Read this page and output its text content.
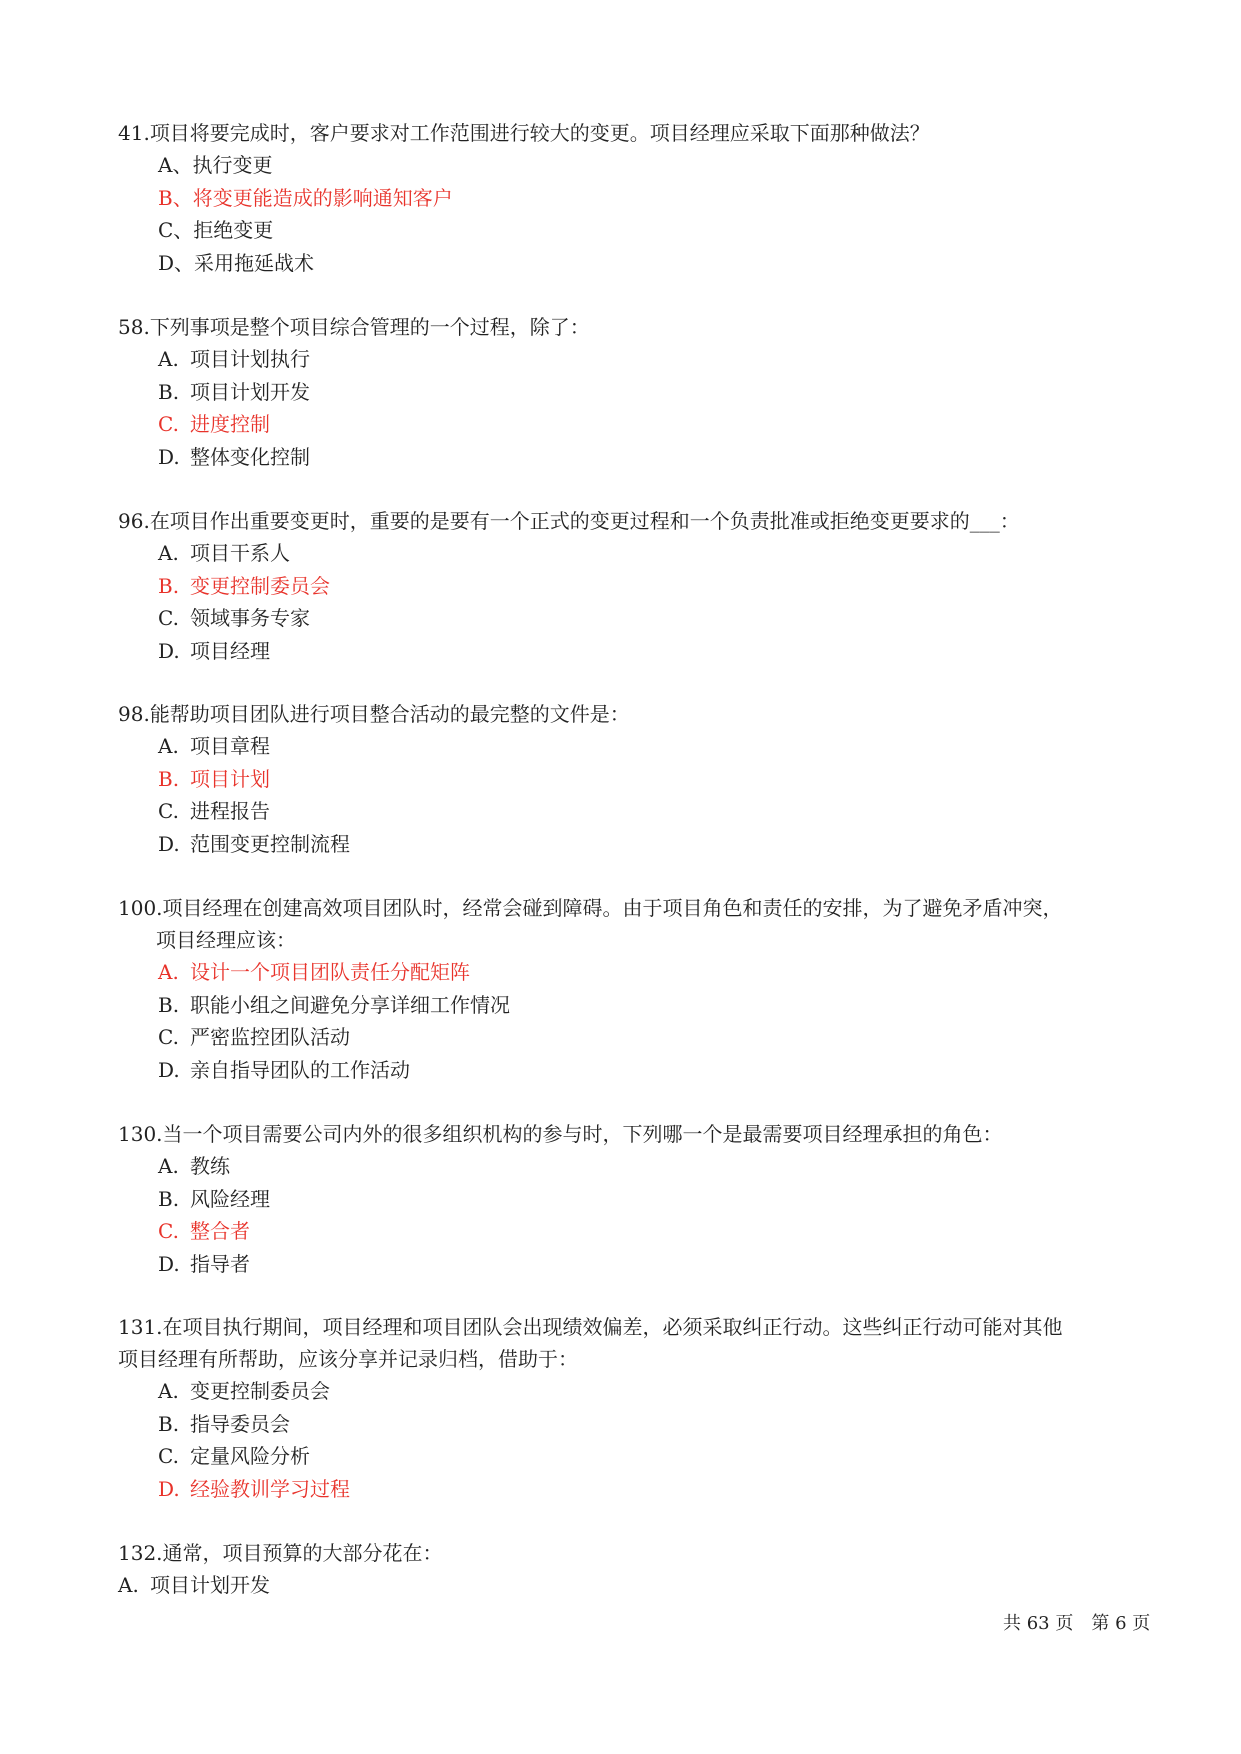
41.项目将要完成时，客户要求对工作范围进行较大的变更。项目经理应采取下面那种做法？

A、执行变更
B、将变更能造成的影响通知客户
C、拒绝变更
D、采用拖延战术

58.下列事项是整个项目综合管理的一个过程，除了：

A. 项目计划执行
B. 项目计划开发
C. 进度控制
D. 整体变化控制

96.在项目作出重要变更时，重要的是要有一个正式的变更过程和一个负责批准或拒绝变更要求的___：

A. 项目干系人
B. 变更控制委员会
C. 领域事务专家
D. 项目经理

98.能帮助项目团队进行项目整合活动的最完整的文件是：

A. 项目章程
B. 项目计划
C. 进程报告
D. 范围变更控制流程

100.项目经理在创建高效项目团队时，经常会碰到障碍。由于项目角色和责任的安排，为了避免矛盾冲突，

项目经理应该：

A. 设计一个项目团队责任分配矩阵
B. 职能小组之间避免分享详细工作情况
C. 严密监控团队活动
D. 亲自指导团队的工作活动

130.当一个项目需要公司内外的很多组织机构的参与时，下列哪一个是最需要项目经理承担的角色：

A. 教练
B. 风险经理
C. 整合者
D. 指导者

131.在项目执行期间，项目经理和项目团队会出现绩效偏差，必须采取纠正行动。这些纠正行动可能对其他

项目经理有所帮助，应该分享并记录归档，借助于：

A. 变更控制委员会
B. 指导委员会
C. 定量风险分析
D. 经验教训学习过程

132.通常，项目预算的大部分花在：

A. 项目计划开发
共 63 页 第 6 页
